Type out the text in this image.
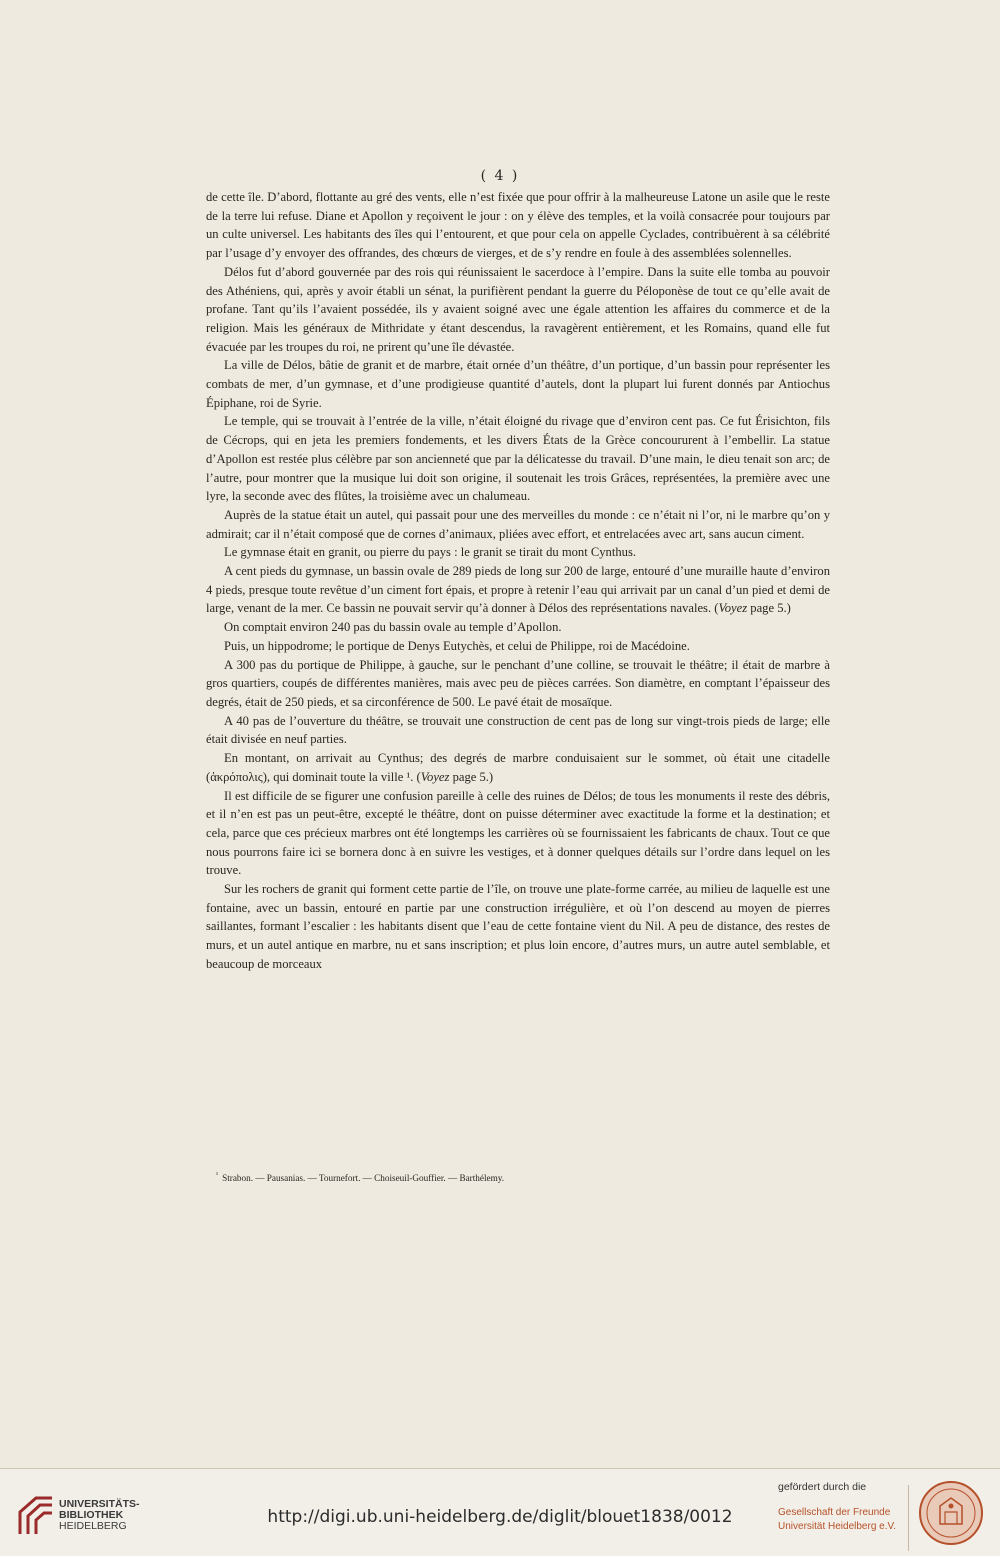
( 4 )

de cette île. D’abord, flottante au gré des vents, elle n’est fixée que pour offrir à la malheureuse Latone un asile que le reste de la terre lui refuse. Diane et Apollon y reçoivent le jour : on y élève des temples, et la voilà consacrée pour toujours par un culte universel. Les habitants des îles qui l’entourent, et que pour cela on appelle Cyclades, contribuèrent à sa célébrité par l’usage d’y envoyer des offrandes, des chœurs de vierges, et de s’y rendre en foule à des assemblées solennelles.

Délos fut d’abord gouvernée par des rois qui réunissaient le sacerdoce à l’empire. Dans la suite elle tomba au pouvoir des Athéniens, qui, après y avoir établi un sénat, la purifièrent pendant la guerre du Péloponèse de tout ce qu’elle avait de profane. Tant qu’ils l’avaient possédée, ils y avaient soigné avec une égale attention les affaires du commerce et de la religion. Mais les généraux de Mithridate y étant descendus, la ravagèrent entièrement, et les Romains, quand elle fut évacuée par les troupes du roi, ne prirent qu’une île dévastée.

La ville de Délos, bâtie de granit et de marbre, était ornée d’un théâtre, d’un portique, d’un bassin pour représenter les combats de mer, d’un gymnase, et d’une prodigieuse quantité d’autels, dont la plupart lui furent donnés par Antiochus Épiphane, roi de Syrie.

Le temple, qui se trouvait à l’entrée de la ville, n’était éloigné du rivage que d’environ cent pas. Ce fut Érisichton, fils de Cécrops, qui en jeta les premiers fondements, et les divers États de la Grèce concoururent à l’embellir. La statue d’Apollon est restée plus célèbre par son ancienneté que par la délicatesse du travail. D’une main, le dieu tenait son arc; de l’autre, pour montrer que la musique lui doit son origine, il soutenait les trois Grâces, représentées, la première avec une lyre, la seconde avec des flûtes, la troisième avec un chalumeau.

Auprès de la statue était un autel, qui passait pour une des merveilles du monde : ce n’était ni l’or, ni le marbre qu’on y admirait; car il n’était composé que de cornes d’animaux, pliées avec effort, et entrelacées avec art, sans aucun ciment.

Le gymnase était en granit, ou pierre du pays : le granit se tirait du mont Cynthus.

A cent pieds du gymnase, un bassin ovale de 289 pieds de long sur 200 de large, entouré d’une muraille haute d’environ 4 pieds, presque toute revêtue d’un ciment fort épais, et propre à retenir l’eau qui arrivait par un canal d’un pied et demi de large, venant de la mer. Ce bassin ne pouvait servir qu’à donner à Délos des représentations navales. (Voyez page 5.)

On comptait environ 240 pas du bassin ovale au temple d’Apollon.

Puis, un hippodrome; le portique de Denys Eutychès, et celui de Philippe, roi de Macédoine.

A 300 pas du portique de Philippe, à gauche, sur le penchant d’une colline, se trouvait le théâtre; il était de marbre à gros quartiers, coupés de différentes manières, mais avec peu de pièces carrées. Son diamètre, en comptant l’épaisseur des degrés, était de 250 pieds, et sa circonférence de 500. Le pavé était de mosaïque.

A 40 pas de l’ouverture du théâtre, se trouvait une construction de cent pas de long sur vingt-trois pieds de large; elle était divisée en neuf parties.

En montant, on arrivait au Cynthus; des degrés de marbre conduisaient sur le sommet, où était une citadelle (ἀκρόπολις), qui dominait toute la ville ¹. (Voyez page 5.)

Il est difficile de se figurer une confusion pareille à celle des ruines de Délos; de tous les monuments il reste des débris, et il n’en est pas un peut-être, excepté le théâtre, dont on puisse déterminer avec exactitude la forme et la destination; et cela, parce que ces précieux marbres ont été longtemps les carrières où se fournissaient les fabricants de chaux. Tout ce que nous pourrons faire ici se bornera donc à en suivre les vestiges, et à donner quelques détails sur l’ordre dans lequel on les trouve.

Sur les rochers de granit qui forment cette partie de l’île, on trouve une plate-forme carrée, au milieu de laquelle est une fontaine, avec un bassin, entouré en partie par une construction irrégulière, et où l’on descend au moyen de pierres saillantes, formant l’escalier : les habitants disent que l’eau de cette fontaine vient du Nil. A peu de distance, des restes de murs, et un autel antique en marbre, nu et sans inscription; et plus loin encore, d’autres murs, un autre autel semblable, et beaucoup de morceaux

$^{^1}$ Strabon. — Pausanias. — Tournefort. — Choiseuil-Gouffier. — Barthélemy.
UNIVERSITÄTS-
BIBLIOTHEK
HEIDELBERG	http://digi.ub.uni-heidelberg.de/diglit/blouet1838/0012
gefördert durch die
Gesellschaft der Freunde
Universität Heidelberg e.V.
